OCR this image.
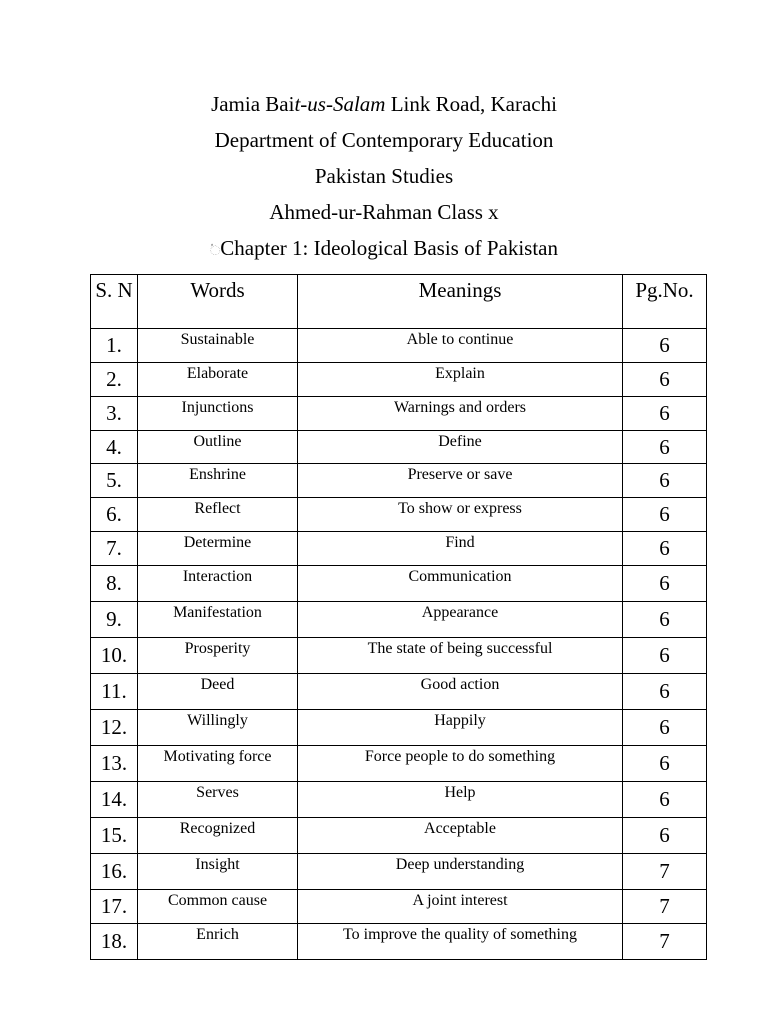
Jamia Bait-us-Salam Link Road, Karachi
Department of Contemporary Education
Pakistan Studies
Ahmed-ur-Rahman Class x
◌ؙChapter 1: Ideological Basis of Pakistan
S. N	Words	Meanings	Pg.No.
1.	Sustainable	Able to continue	6
2.	Elaborate	Explain	6
3.	Injunctions	Warnings and orders	6
4.	Outline	Define	6
5.	Enshrine	Preserve or save	6
6.	Reflect	To show or express	6
7.	Determine	Find	6
8.	Interaction	Communication	6
9.	Manifestation	Appearance	6
10.	Prosperity	The state of being successful	6
11.	Deed	Good action	6
12.	Willingly	Happily	6
13.	Motivating force	Force people to do something	6
14.	Serves	Help	6
15.	Recognized	Acceptable	6
16.	Insight	Deep understanding	7
17.	Common cause	A joint interest	7
18.	Enrich	To improve the quality of something	7
